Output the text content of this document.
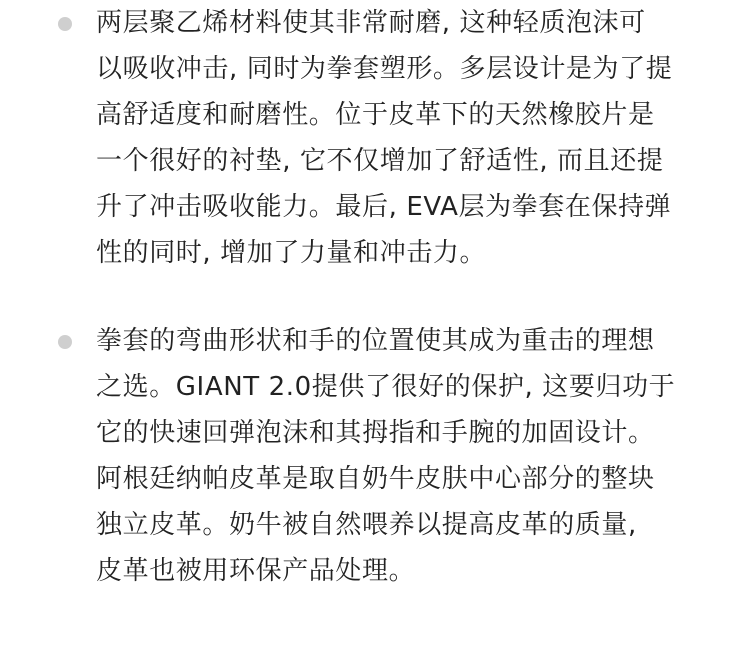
两层聚乙烯材料使其非常耐磨, 这种轻质泡沫可
以吸收冲击, 同时为拳套塑形。多层设计是为了提
高舒适度和耐磨性。位于皮革下的天然橡胶片是
一个很好的衬垫, 它不仅增加了舒适性, 而且还提
升了冲击吸收能力。最后, EVA层为拳套在保持弹
性的同时, 增加了力量和冲击力。
拳套的弯曲形状和手的位置使其成为重击的理想
之选。GIANT 2.0提供了很好的保护, 这要归功于
它的快速回弹泡沫和其拇指和手腕的加固设计。
阿根廷纳帕皮革是取自奶牛皮肤中心部分的整块
独立皮革。奶牛被自然喂养以提高皮革的质量,
皮革也被用环保产品处理。
